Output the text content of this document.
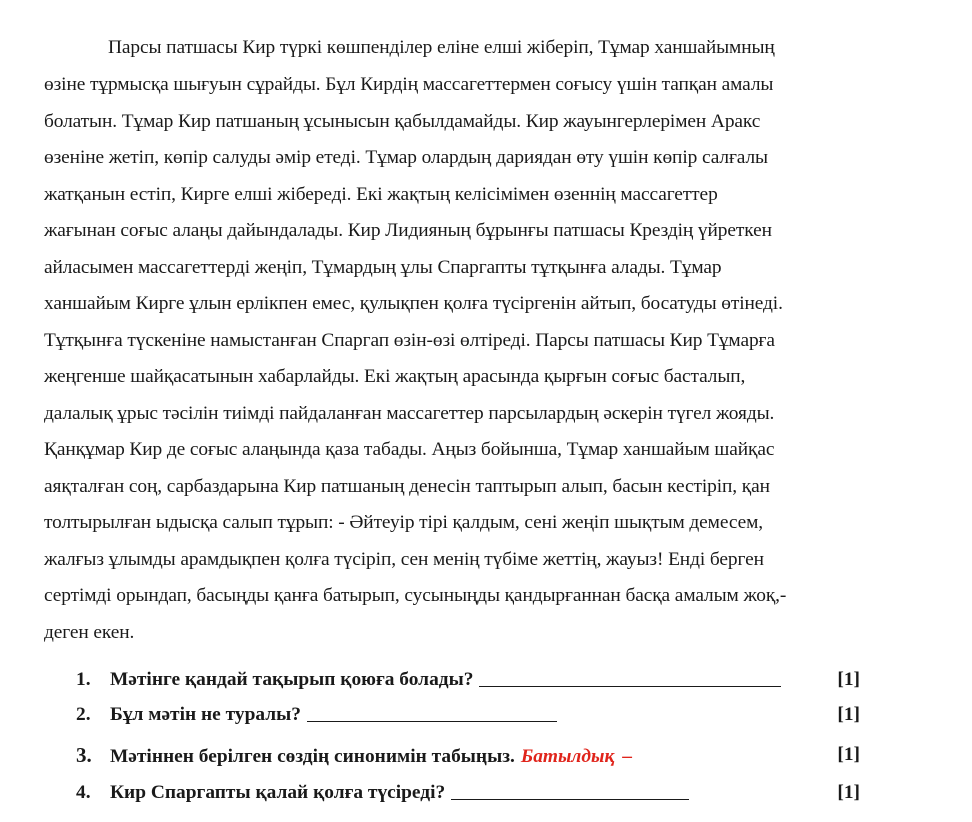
Парсы патшасы Кир түркі көшпенділер еліне елші жіберіп, Тұмар ханшайымның
өзіне тұрмысқа шығуын сұрайды. Бұл Кирдің массагеттермен соғысу үшін тапқан амалы
болатын. Тұмар Кир патшаның ұсынысын қабылдамайды. Кир жауынгерлерімен Аракс
өзеніне жетіп, көпір салуды әмір етеді. Тұмар олардың дариядан өту үшін көпір салғалы
жатқанын естіп, Кирге елші жібереді. Екі жақтың келісімімен өзеннің массагеттер
жағынан соғыс алаңы дайындалады. Кир Лидияның бұрынғы патшасы Крездің үйреткен
айласымен массагеттерді жеңіп, Тұмардың ұлы Спаргапты тұтқынға алады. Тұмар
ханшайым Кирге ұлын ерлікпен емес, қулықпен қолға түсіргенін айтып, босатуды өтінеді.
Тұтқынға түскеніне намыстанған Спаргап өзін-өзі өлтіреді. Парсы патшасы Кир Тұмарға
жеңгенше шайқасатынын хабарлайды. Екі жақтың арасында қырғын соғыс басталып,
далалық ұрыс тәсілін тиімді пайдаланған массагеттер парсылардың әскерін түгел жояды.
Қанқұмар Кир де соғыс алаңында қаза табады. Аңыз бойынша, Тұмар ханшайым шайқас
аяқталған соң, сарбаздарына Кир патшаның денесін таптырып алып, басын кестіріп, қан
толтырылған ыдысқа салып тұрып: - Әйтеуір тірі қалдым, сені жеңіп шықтым демесем,
жалғыз ұлымды арамдықпен қолға түсіріп, сен менің түбіме жеттің, жауыз! Енді берген
сертімді орындап, басыңды қанға батырып, сусыныңды қандырғаннан басқа амалым жоқ,-
деген екен.
1. Мәтінге қандай тақырып қоюға болады?	[1]
2. Бұл мәтін не туралы?	[1]
3. Мәтіннен берілген сөздің синонимін табыңыз. Батылдық –	[1]
4. Кир Спаргапты қалай қолға түсіреді?	[1]
